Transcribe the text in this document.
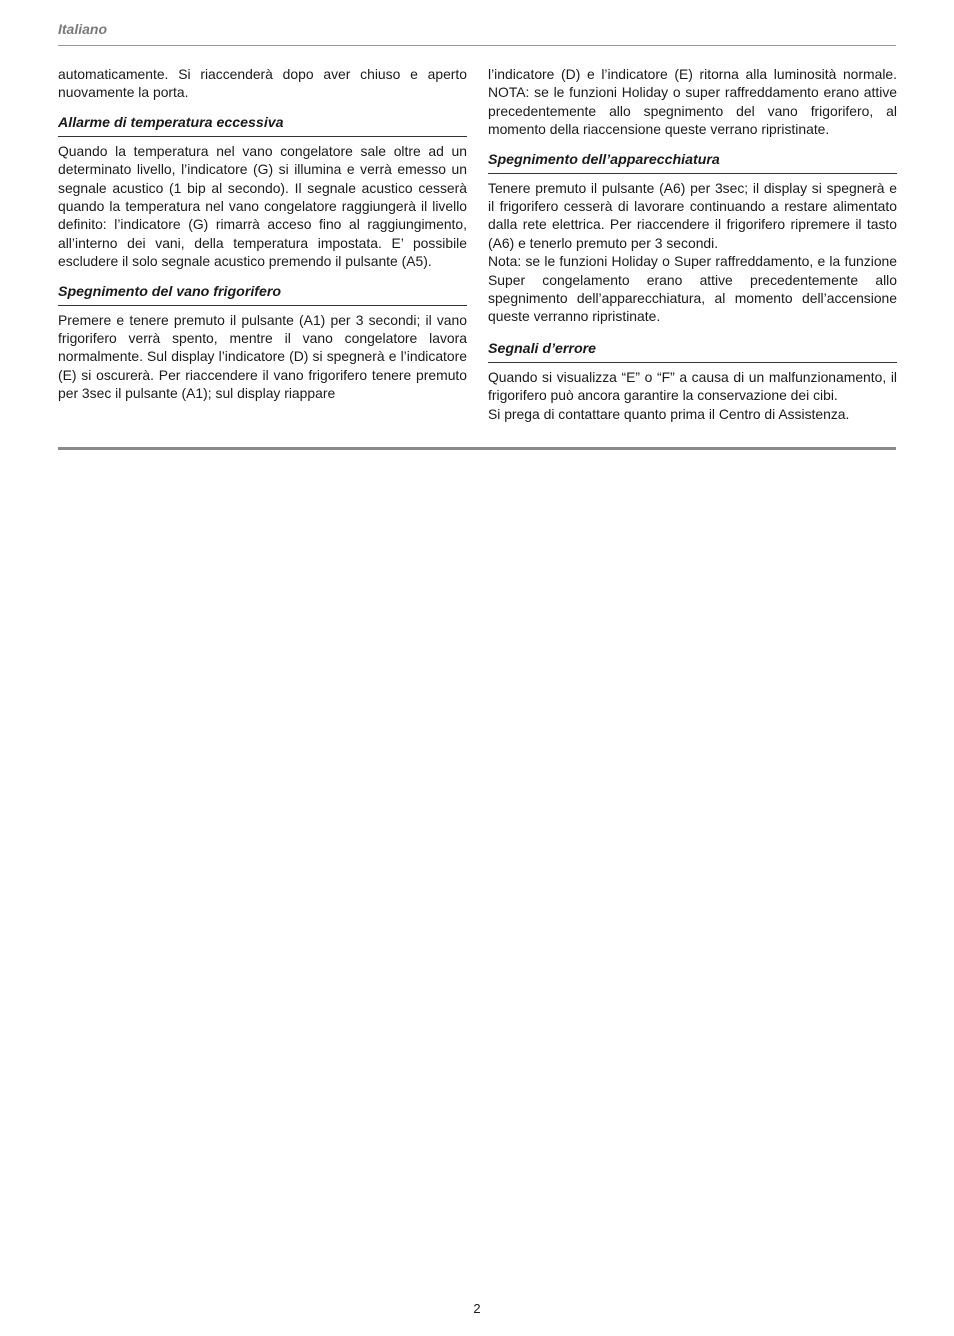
Italiano

automaticamente. Si riaccenderà dopo aver chiuso e aperto nuovamente la porta.

Allarme di temperatura eccessiva

Quando la temperatura nel vano congelatore sale oltre ad un determinato livello, l’indicatore (G) si illumina e verrà emesso un segnale acustico (1 bip al secondo). Il segnale acustico cesserà quando la temperatura nel vano congelatore raggiungerà il livello definito: l’indicatore (G) rimarrà acceso fino al raggiungimento, all’interno dei vani, della temperatura impostata. E’ possibile escludere il solo segnale acustico premendo il pulsante (A5).

Spegnimento del vano frigorifero

Premere e tenere premuto il pulsante (A1) per 3 secondi; il vano frigorifero verrà spento, mentre il vano congelatore lavora normalmente. Sul display l’indicatore (D) si spegnerà e l’indicatore (E) si oscurerà. Per riaccendere il vano frigorifero tenere premuto per 3sec il pulsante (A1); sul display riappare

l’indicatore (D) e l’indicatore (E) ritorna alla luminosità normale. NOTA: se le funzioni Holiday o super raffreddamento erano attive precedentemente allo spegnimento del vano frigorifero, al momento della riaccensione queste verrano ripristinate.

Spegnimento dell’apparecchiatura

Tenere premuto il pulsante (A6) per 3sec; il display si spegnerà e il frigorifero cesserà di lavorare continuando a restare alimentato dalla rete elettrica. Per riaccendere il frigorifero ripremere il tasto (A6) e tenerlo premuto per 3 secondi.

Nota: se le funzioni Holiday o Super raffreddamento, e la funzione Super congelamento erano attive precedentemente allo spegnimento dell’apparecchiatura, al momento dell’accensione queste verranno ripristinate.

Segnali d’errore

Quando si visualizza “E” o “F” a causa di un malfunzionamento, il frigorifero può ancora garantire la conservazione dei cibi.

Si prega di contattare quanto prima il Centro di Assistenza.

2
